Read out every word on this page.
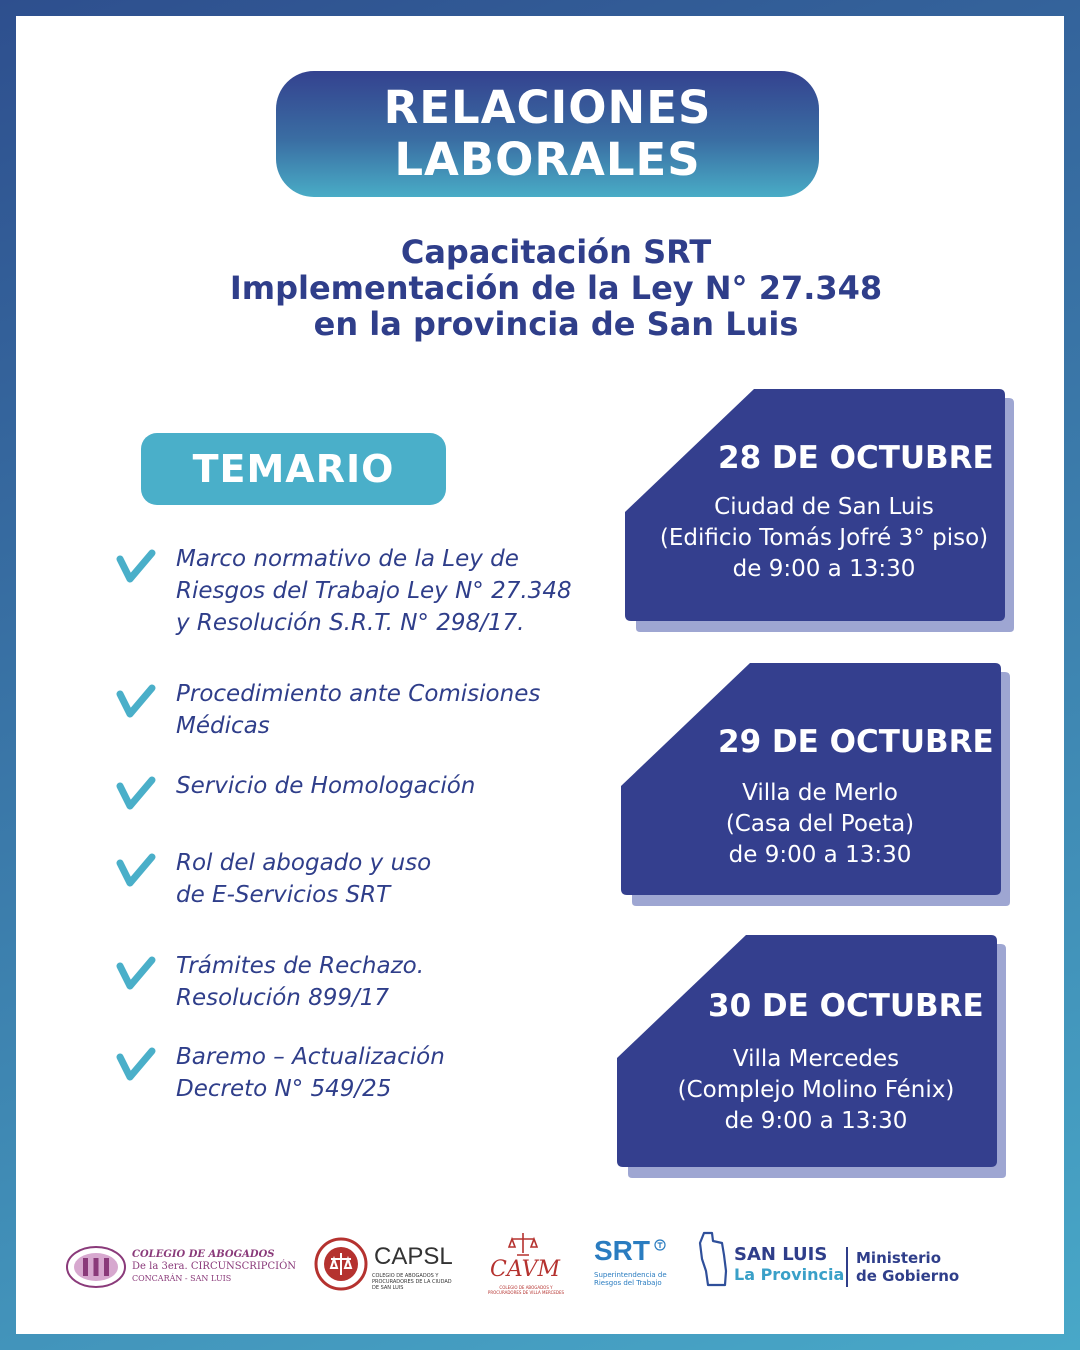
RELACIONES
LABORALES
Capacitación SRT
Implementación de la Ley N° 27.348
en la provincia de San Luis
TEMARIO
Marco normativo de la Ley de
Riesgos del Trabajo Ley N° 27.348
y Resolución S.R.T. N° 298/17.
Procedimiento ante Comisiones
Médicas
Servicio de Homologación
Rol del abogado y uso
de E-Servicios SRT
Trámites de Rechazo.
Resolución 899/17
Baremo – Actualización
Decreto N° 549/25
28 DE OCTUBRE
Ciudad de San Luis
(Edificio Tomás Jofré 3° piso)
de 9:00 a 13:30
29 DE OCTUBRE
Villa de Merlo
(Casa del Poeta)
de 9:00 a 13:30
30 DE OCTUBRE
Villa Mercedes
(Complejo Molino Fénix)
de 9:00 a 13:30
COLEGIO DE ABOGADOS
De la 3era. CIRCUNSCRIPCIÓN
CONCARÁN - SAN LUIS
CAPSL
COLEGIO DE ABOGADOS Y PROCURADORES DE LA CIUDAD DE SAN LUIS
CAVM
COLEGIO DE ABOGADOS Y PROCURADORES DE VILLA MERCEDES
SRT
Superintendencia de
Riesgos del Trabajo
SAN LUIS
La Provincia
Ministerio
de Gobierno
